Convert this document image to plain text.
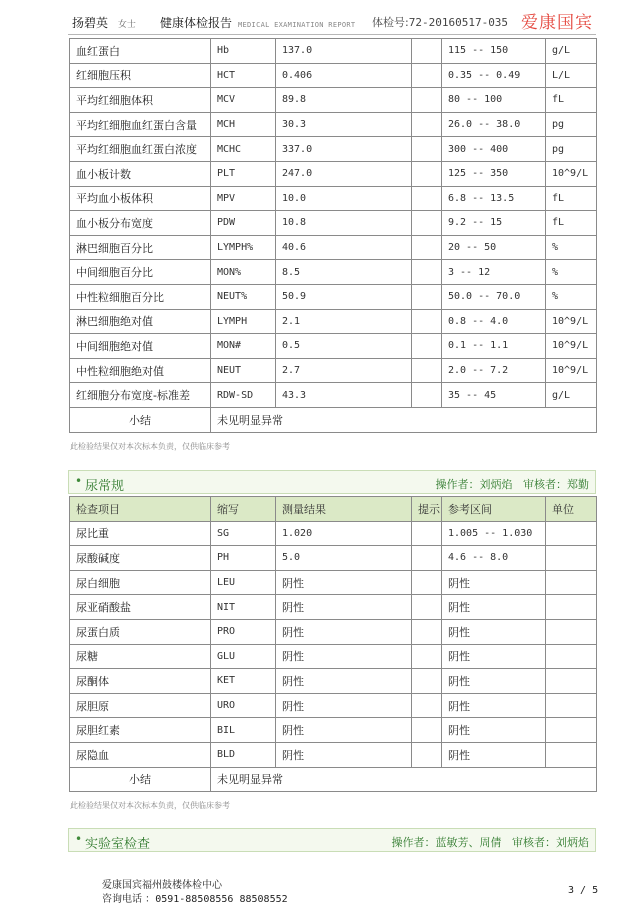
扬碧英 女士 健康体检报告 MEDICAL EXAMINATION REPORT 体检号:72-20160517-035 爱康国宾
血红蛋白	Hb	137.0		115 -- 150	g/L
红细胞压积	HCT	0.406		0.35 -- 0.49	L/L
平均红细胞体积	MCV	89.8		80 -- 100	fL
平均红细胞血红蛋白含量	MCH	30.3		26.0 -- 38.0	pg
平均红细胞血红蛋白浓度	MCHC	337.0		300 -- 400	pg
血小板计数	PLT	247.0		125 -- 350	10^9/L
平均血小板体积	MPV	10.0		6.8 -- 13.5	fL
血小板分布宽度	PDW	10.8		9.2 -- 15	fL
淋巴细胞百分比	LYMPH%	40.6		20 -- 50	%
中间细胞百分比	MON%	8.5		3 -- 12	%
中性粒细胞百分比	NEUT%	50.9		50.0 -- 70.0	%
淋巴细胞绝对值	LYMPH	2.1		0.8 -- 4.0	10^9/L
中间细胞绝对值	MON#	0.5		0.1 -- 1.1	10^9/L
中性粒细胞绝对值	NEUT	2.7		2.0 -- 7.2	10^9/L
红细胞分布宽度-标准差	RDW-SD	43.3		35 -- 45	g/L
小结	未见明显异常				
此检验结果仅对本次标本负责，仅供临床参考
• 尿常规	操作者：刘炳焰 审核者：郑勤
检查项目	缩写	测量结果	提示	参考区间	单位
尿比重	SG	1.020		1.005 -- 1.030	
尿酸碱度	PH	5.0		4.6 -- 8.0	
尿白细胞	LEU	阴性		阴性	
尿亚硝酸盐	NIT	阴性		阴性	
尿蛋白质	PRO	阴性		阴性	
尿糖	GLU	阴性		阴性	
尿酮体	KET	阴性		阴性	
尿胆原	URO	阴性		阴性	
尿胆红素	BIL	阴性		阴性	
尿隐血	BLD	阴性		阴性	
小结	未见明显异常				
此检验结果仅对本次标本负责，仅供临床参考
• 实验室检查	操作者：蓝敏芳、周倩 审核者：刘炳焰
爱康国宾福州鼓楼体检中心
咨询电话 ：0591-88508556 88508552
3 / 5
